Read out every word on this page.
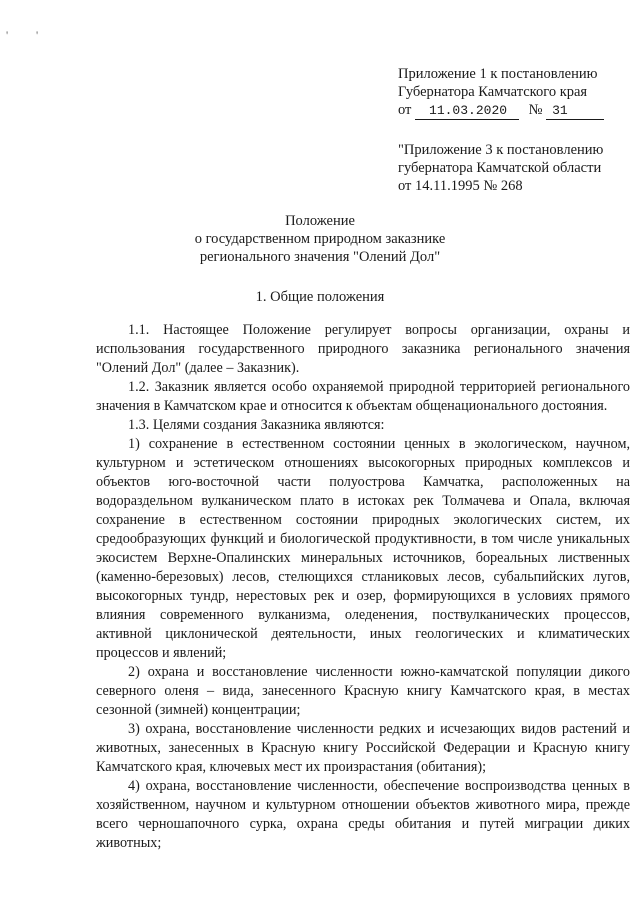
' '
Приложение 1 к постановлению
Губернатора Камчатского края
от 11.03.2020 № 31
"Приложение 3 к постановлению
губернатора Камчатской области
от 14.11.1995 № 268
Положение
о государственном природном заказнике
регионального значения "Олений Дол"
1. Общие положения

1.1. Настоящее Положение регулирует вопросы организации, охраны и использования государственного природного заказника регионального значения "Олений Дол" (далее – Заказник).

1.2. Заказник является особо охраняемой природной территорией регионального значения в Камчатском крае и относится к объектам общенационального достояния.

1.3. Целями создания Заказника являются:

1) сохранение в естественном состоянии ценных в экологическом, научном, культурном и эстетическом отношениях высокогорных природных комплексов и объектов юго-восточной части полуострова Камчатка, расположенных на водораздельном вулканическом плато в истоках рек Толмачева и Опала, включая сохранение в естественном состоянии природных экологических систем, их средообразующих функций и биологической продуктивности, в том числе уникальных экосистем Верхне-Опалинских минеральных источников, бореальных лиственных (каменно-березовых) лесов, стелющихся стланиковых лесов, субальпийских лугов, высокогорных тундр, нерестовых рек и озер, формирующихся в условиях прямого влияния современного вулканизма, оледенения, поствулканических процессов, активной циклонической деятельности, иных геологических и климатических процессов и явлений;

2) охрана и восстановление численности южно-камчатской популяции дикого северного оленя – вида, занесенного Красную книгу Камчатского края, в местах сезонной (зимней) концентрации;

3) охрана, восстановление численности редких и исчезающих видов растений и животных, занесенных в Красную книгу Российской Федерации и Красную книгу Камчатского края, ключевых мест их произрастания (обитания);

4) охрана, восстановление численности, обеспечение воспроизводства ценных в хозяйственном, научном и культурном отношении объектов животного мира, прежде всего черношапочного сурка, охрана среды обитания и путей миграции диких животных;
